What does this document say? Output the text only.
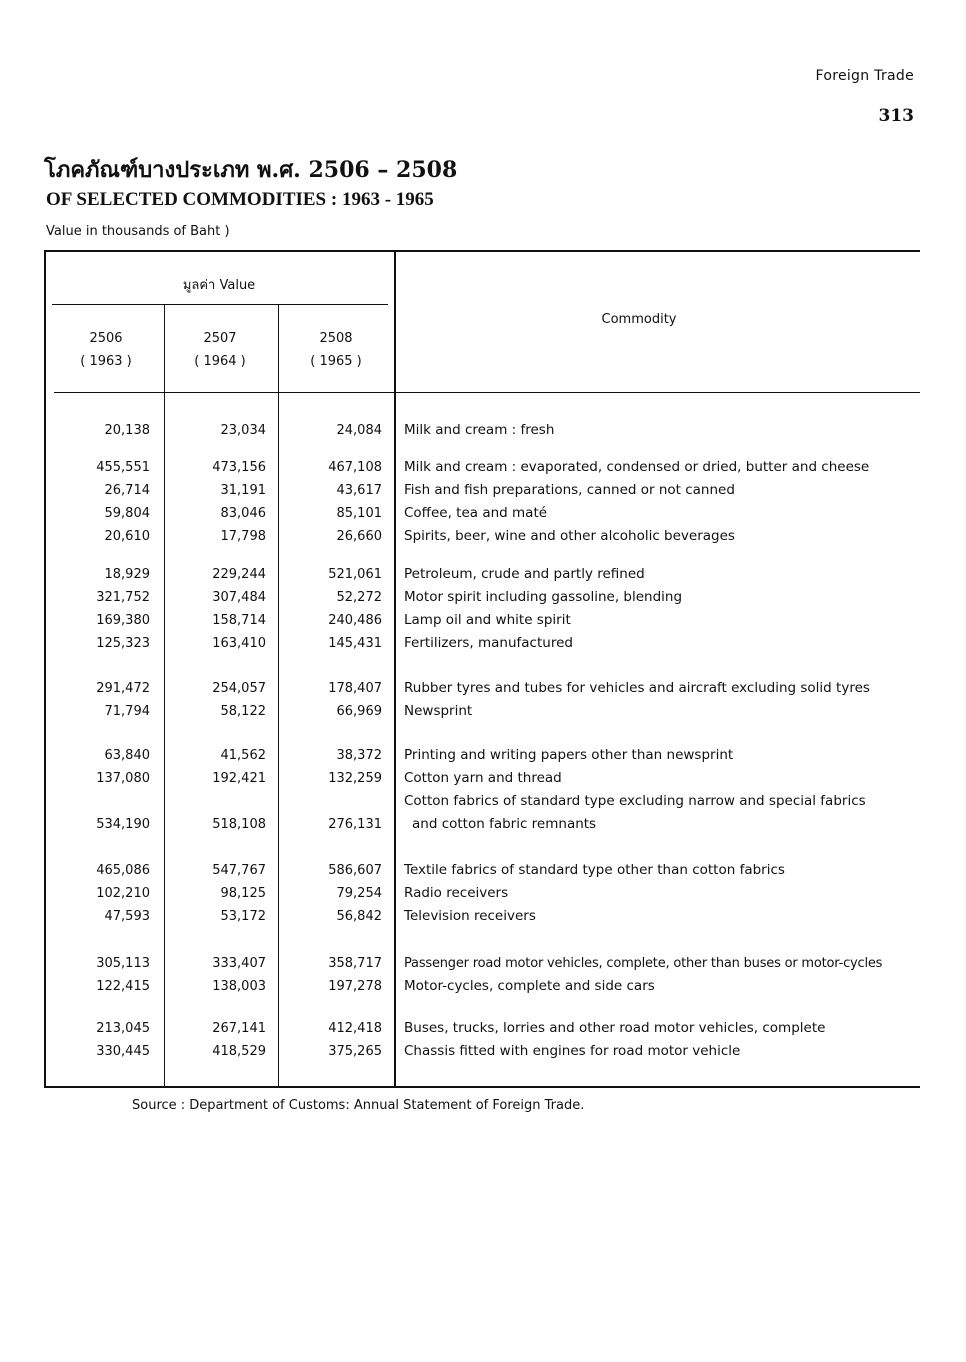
Foreign Trade
313
โภคภัณฑ์บางประเภท พ.ศ. 2506 – 2508
OF SELECTED COMMODITIES : 1963 - 1965
Value in thousands of Baht )
มูลค่า Value
Commodity
2506
( 1963 )
2507
( 1964 )
2508
( 1965 )
20,138	23,034	24,084 Milk and cream : fresh
455,551	473,156	467,108 Milk and cream : evaporated, condensed or dried, butter and cheese
26,714	31,191	43,617 Fish and fish preparations, canned or not canned
59,804	83,046	85,101 Coffee, tea and maté
20,610	17,798	26,660 Spirits, beer, wine and other alcoholic beverages
18,929	229,244	521,061 Petroleum, crude and partly refined
321,752	307,484	52,272 Motor spirit including gassoline, blending
169,380	158,714	240,486 Lamp oil and white spirit
125,323	163,410	145,431 Fertilizers, manufactured
291,472	254,057	178,407 Rubber tyres and tubes for vehicles and aircraft excluding solid tyres
71,794	58,122	66,969 Newsprint
63,840	41,562	38,372 Printing and writing papers other than newsprint
137,080	192,421	132,259 Cotton yarn and thread
Cotton fabrics of standard type excluding narrow and special fabrics
534,190	518,108	276,131 and cotton fabric remnants
465,086	547,767	586,607 Textile fabrics of standard type other than cotton fabrics
102,210	98,125	79,254 Radio receivers
47,593	53,172	56,842 Television receivers
305,113	333,407	358,717 Passenger road motor vehicles, complete, other than buses or motor-cycles
122,415	138,003	197,278 Motor-cycles, complete and side cars
213,045	267,141	412,418 Buses, trucks, lorries and other road motor vehicles, complete
330,445	418,529	375,265 Chassis fitted with engines for road motor vehicle
Source : Department of Customs: Annual Statement of Foreign Trade.
